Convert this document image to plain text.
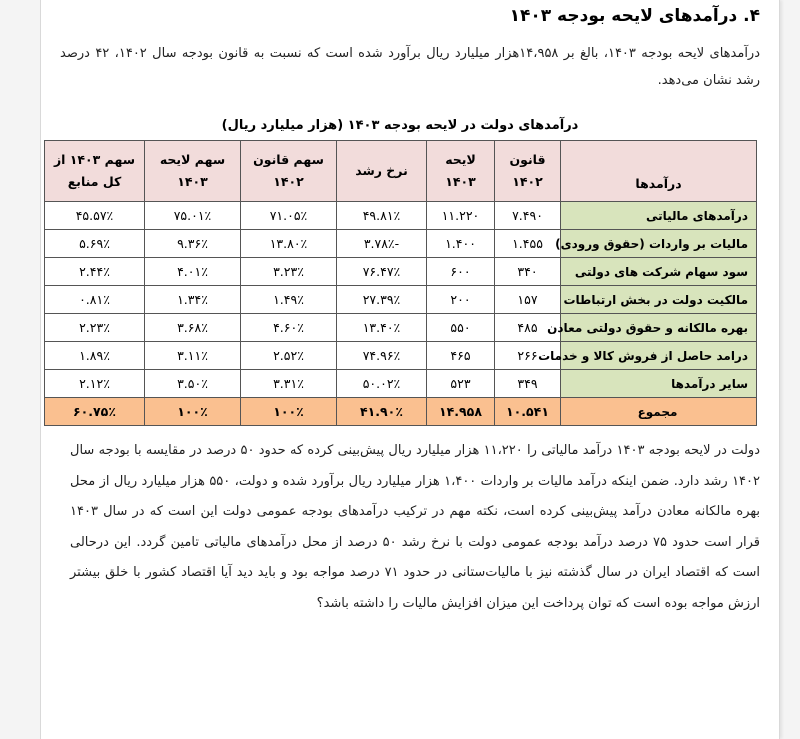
۴. درآمدهای لایحه بودجه ۱۴۰۳
درآمدهای لایحه بودجه ۱۴۰۳، بالغ بر ۱۴،۹۵۸هزار میلیارد ریال برآورد شده است که نسبت به قانون بودجه سال ۱۴۰۲، ۴۲ درصد رشد نشان می‌دهد.
درآمدهای دولت در لایحه بودجه ۱۴۰۳ (هزار میلیارد ریال)
درآمدها	قانون ۱۴۰۲	لایحه ۱۴۰۳	نرخ رشد	سهم قانون ۱۴۰۲	سهم لایحه ۱۴۰۳	سهم ۱۴۰۳ از کل منابع
درآمدهای مالیاتی	۷.۴۹۰	۱۱.۲۲۰	۴۹.۸۱٪	۷۱.۰۵٪	۷۵.۰۱٪	۴۵.۵۷٪
مالیات بر واردات (حقوق ورودی)	۱.۴۵۵	۱.۴۰۰	-۳.۷۸٪	۱۳.۸۰٪	۹.۳۶٪	۵.۶۹٪
سود سهام شرکت های دولتی	۳۴۰	۶۰۰	۷۶.۴۷٪	۳.۲۳٪	۴.۰۱٪	۲.۴۴٪
مالکیت دولت در بخش ارتباطات	۱۵۷	۲۰۰	۲۷.۳۹٪	۱.۴۹٪	۱.۳۴٪	۰.۸۱٪
بهره مالکانه و حقوق دولتی معادن	۴۸۵	۵۵۰	۱۳.۴۰٪	۴.۶۰٪	۳.۶۸٪	۲.۲۳٪
درامد حاصل از فروش کالا و خدمات	۲۶۶	۴۶۵	۷۴.۹۶٪	۲.۵۲٪	۳.۱۱٪	۱.۸۹٪
سایر درآمدها	۳۴۹	۵۲۳	۵۰.۰۲٪	۳.۳۱٪	۳.۵۰٪	۲.۱۲٪
مجموع	۱۰.۵۴۱	۱۴.۹۵۸	۴۱.۹۰٪	۱۰۰٪	۱۰۰٪	۶۰.۷۵٪

دولت در لایحه بودجه ۱۴۰۳ درآمد مالیاتی را ۱۱،۲۲۰ هزار میلیارد ریال پیش‌بینی کرده که حدود ۵۰ درصد در مقایسه با بودجه سال ۱۴۰۲ رشد دارد. ضمن اینکه درآمد مالیات بر واردات ۱،۴۰۰ هزار میلیارد ریال برآورد شده و دولت، ۵۵۰ هزار میلیارد ریال از محل بهره مالکانه معادن درآمد پیش‌بینی کرده است، نکته مهم در ترکیب درآمدهای بودجه عمومی دولت این است که در سال ۱۴۰۳ قرار است حدود ۷۵ درصد درآمد بودجه عمومی دولت با نرخ رشد ۵۰ درصد از محل درآمدهای مالیاتی تامین گردد. این درحالی است که اقتصاد ایران در سال گذشته نیز با مالیات‌ستانی در حدود ۷۱ درصد مواجه بود و باید دید آیا اقتصاد کشور با خلق بیشتر ارزش مواجه بوده است که توان پرداخت این میزان افزایش مالیات را داشته باشد؟
